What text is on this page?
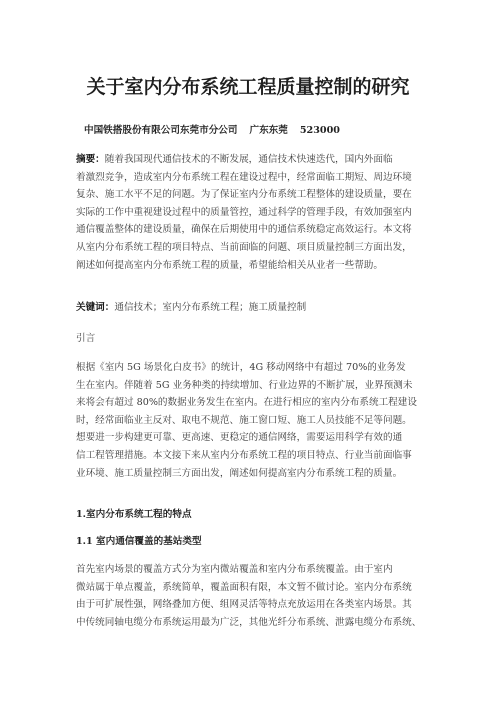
关于室内分布系统工程质量控制的研究
中国铁搭股份有限公司东莞市分公司 广东东莞 523000
摘要：随着我国现代通信技术的不断发展，通信技术快速迭代，国内外面临
着激烈竞争，造成室内分布系统工程在建设过程中，经常面临工期短、周边环境
复杂、施工水平不足的问题。为了保证室内分布系统工程整体的建设质量，要在
实际的工作中重视建设过程中的质量管控，通过科学的管理手段，有效加强室内
通信覆盖整体的建设质量，确保在后期使用中的通信系统稳定高效运行。本文将
从室内分布系统工程的项目特点、当前面临的问题、项目质量控制三方面出发，
阐述如何提高室内分布系统工程的质量，希望能给相关从业者一些帮助。
关键词：通信技术；室内分布系统工程；施工质量控制
引言
根据《室内 5G 场景化白皮书》的统计，4G 移动网络中有超过 70%的业务发
生在室内。伴随着 5G 业务种类的持续增加、行业边界的不断扩展，业界预测未
来将会有超过 80%的数据业务发生在室内。在进行相应的室内分布系统工程建设
时，经常面临业主反对、取电不规范、施工窗口短、施工人员技能不足等问题。
想要进一步构建更可靠、更高速、更稳定的通信网络，需要运用科学有效的通
信工程管理措施。本文接下来从室内分布系统工程的项目特点、行业当前面临事
业环境、施工质量控制三方面出发，阐述如何提高室内分布系统工程的质量。
1.室内分布系统工程的特点
1.1 室内通信覆盖的基站类型
首先室内场景的覆盖方式分为室内微站覆盖和室内分布系统覆盖。由于室内
微站属于单点覆盖，系统简单，覆盖面积有限，本文暂不做讨论。室内分布系统
由于可扩展性强，网络叠加方便、组网灵活等特点充放运用在各类室内场景。其
中传统同轴电缆分布系统运用最为广泛，其他光纤分布系统、泄露电缆分布系统、
